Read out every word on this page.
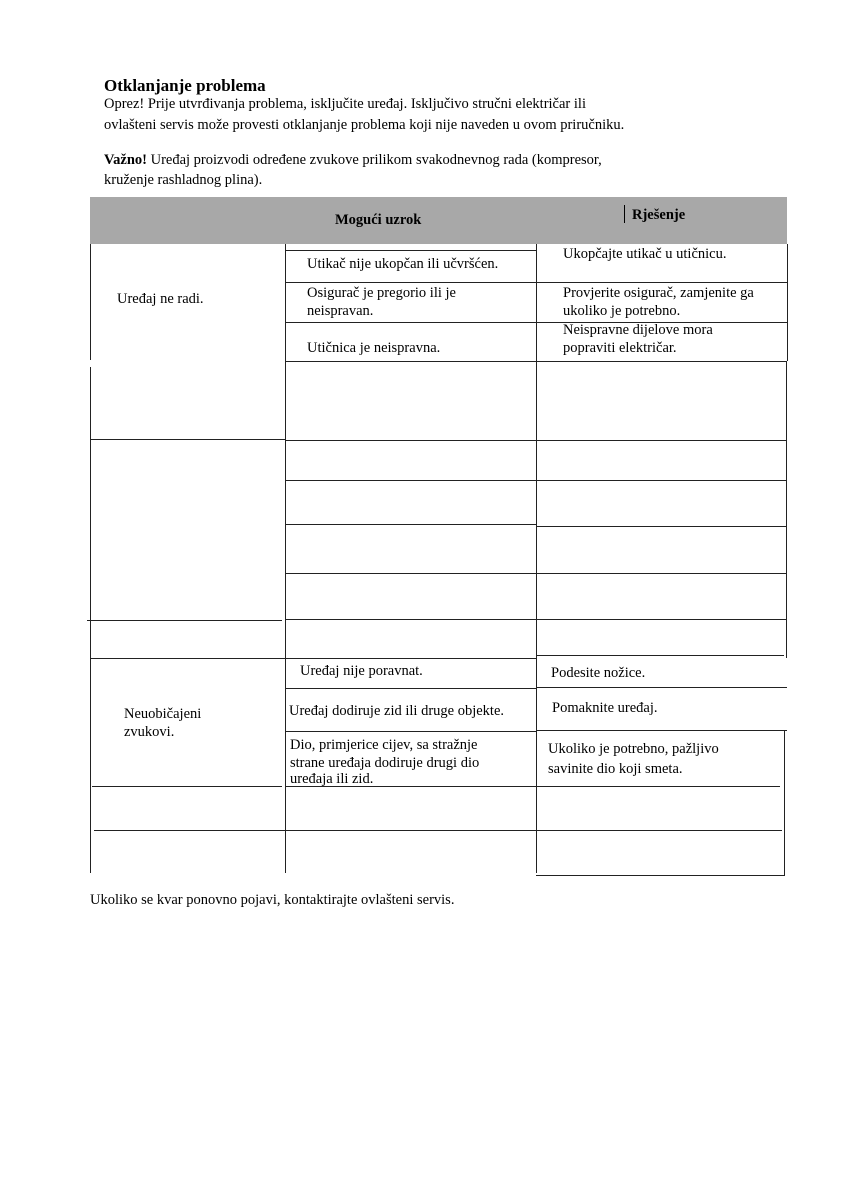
Otklanjanje problema
Oprez! Prije utvrđivanja problema, isključite uređaj. Isključivo stručni električar ili
ovlašteni servis može provesti otklanjanje problema koji nije naveden u ovom priručniku.
Važno! Uređaj proizvodi određene zvukove prilikom svakodnevnog rada (kompresor,
kruženje rashladnog plina).
Mogući uzrok	Rješenje
Uređaj ne radi.
Utikač nije ukopčan ili učvršćen.
Osigurač je pregorio ili je
neispravan.
Utičnica je neispravna.
Ukopčajte utikač u utičnicu.
Provjerite osigurač, zamjenite ga
ukoliko je potrebno.
Neispravne dijelove mora
popraviti električar.
Neuobičajeni
zvukovi.
Uređaj nije poravnat.
Uređaj dodiruje zid ili druge objekte.
Dio, primjerice cijev, sa stražnje
strane uređaja dodiruje drugi dio
uređaja ili zid.
Podesite nožice.
Pomaknite uređaj.
Ukoliko je potrebno, pažljivo
savinite dio koji smeta.
Ukoliko se kvar ponovno pojavi, kontaktirajte ovlašteni servis.
